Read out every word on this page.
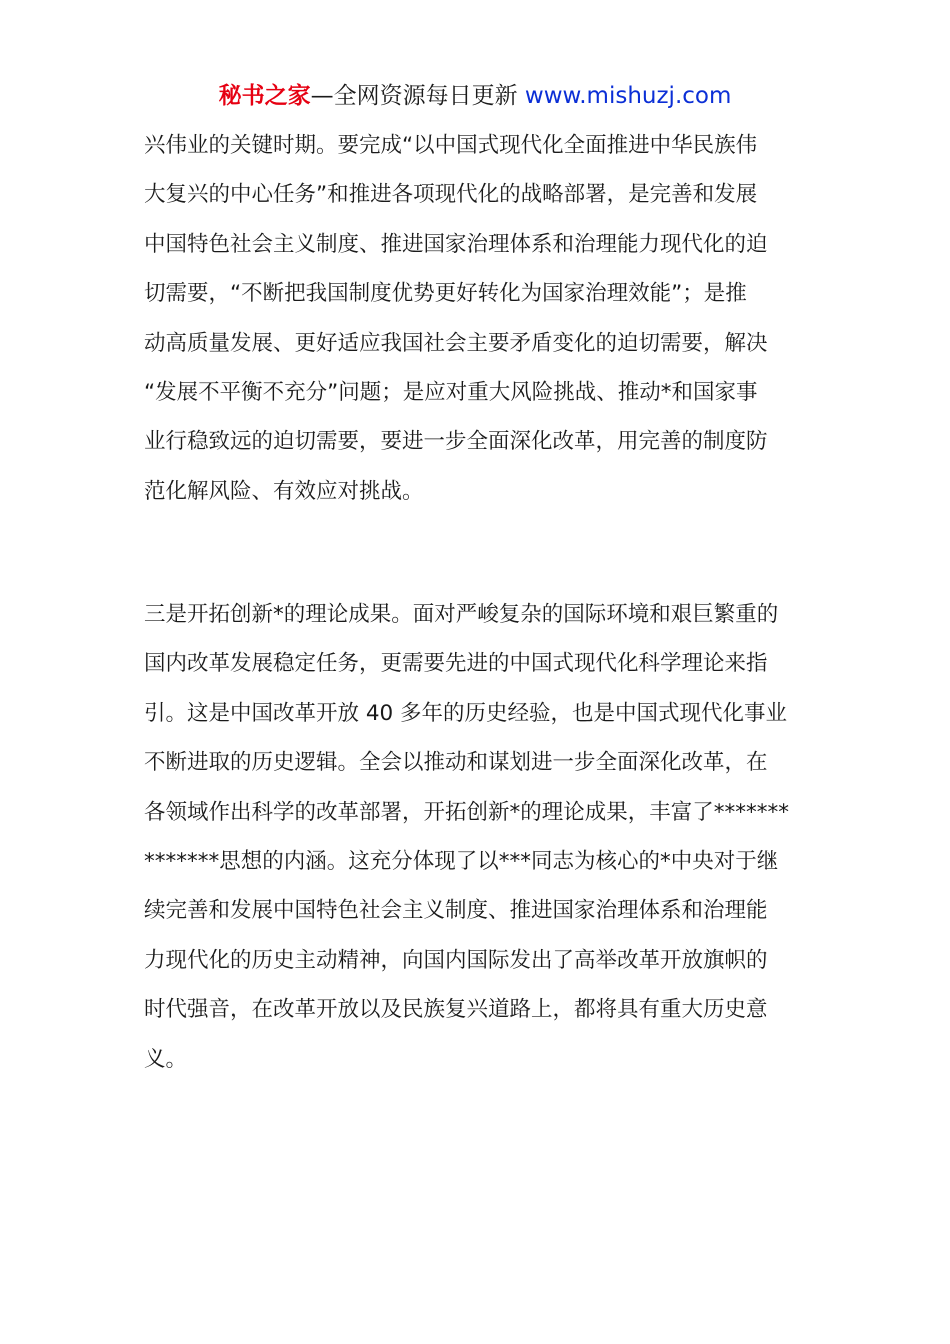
秘书之家—全网资源每日更新 www.mishuzj.com
兴伟业的关键时期。要完成“以中国式现代化全面推进中华民族伟
大复兴的中心任务”和推进各项现代化的战略部署，是完善和发展
中国特色社会主义制度、推进国家治理体系和治理能力现代化的迫
切需要，“不断把我国制度优势更好转化为国家治理效能”；是推
动高质量发展、更好适应我国社会主要矛盾变化的迫切需要，解决
“发展不平衡不充分”问题；是应对重大风险挑战、推动*和国家事
业行稳致远的迫切需要，要进一步全面深化改革，用完善的制度防
范化解风险、有效应对挑战。
三是开拓创新*的理论成果。面对严峻复杂的国际环境和艰巨繁重的
国内改革发展稳定任务，更需要先进的中国式现代化科学理论来指
引。这是中国改革开放 40 多年的历史经验，也是中国式现代化事业
不断进取的历史逻辑。全会以推动和谋划进一步全面深化改革，在
各领域作出科学的改革部署，开拓创新*的理论成果，丰富了*******
*******思想的内涵。这充分体现了以***同志为核心的*中央对于继
续完善和发展中国特色社会主义制度、推进国家治理体系和治理能
力现代化的历史主动精神，向国内国际发出了高举改革开放旗帜的
时代强音，在改革开放以及民族复兴道路上，都将具有重大历史意
义。
